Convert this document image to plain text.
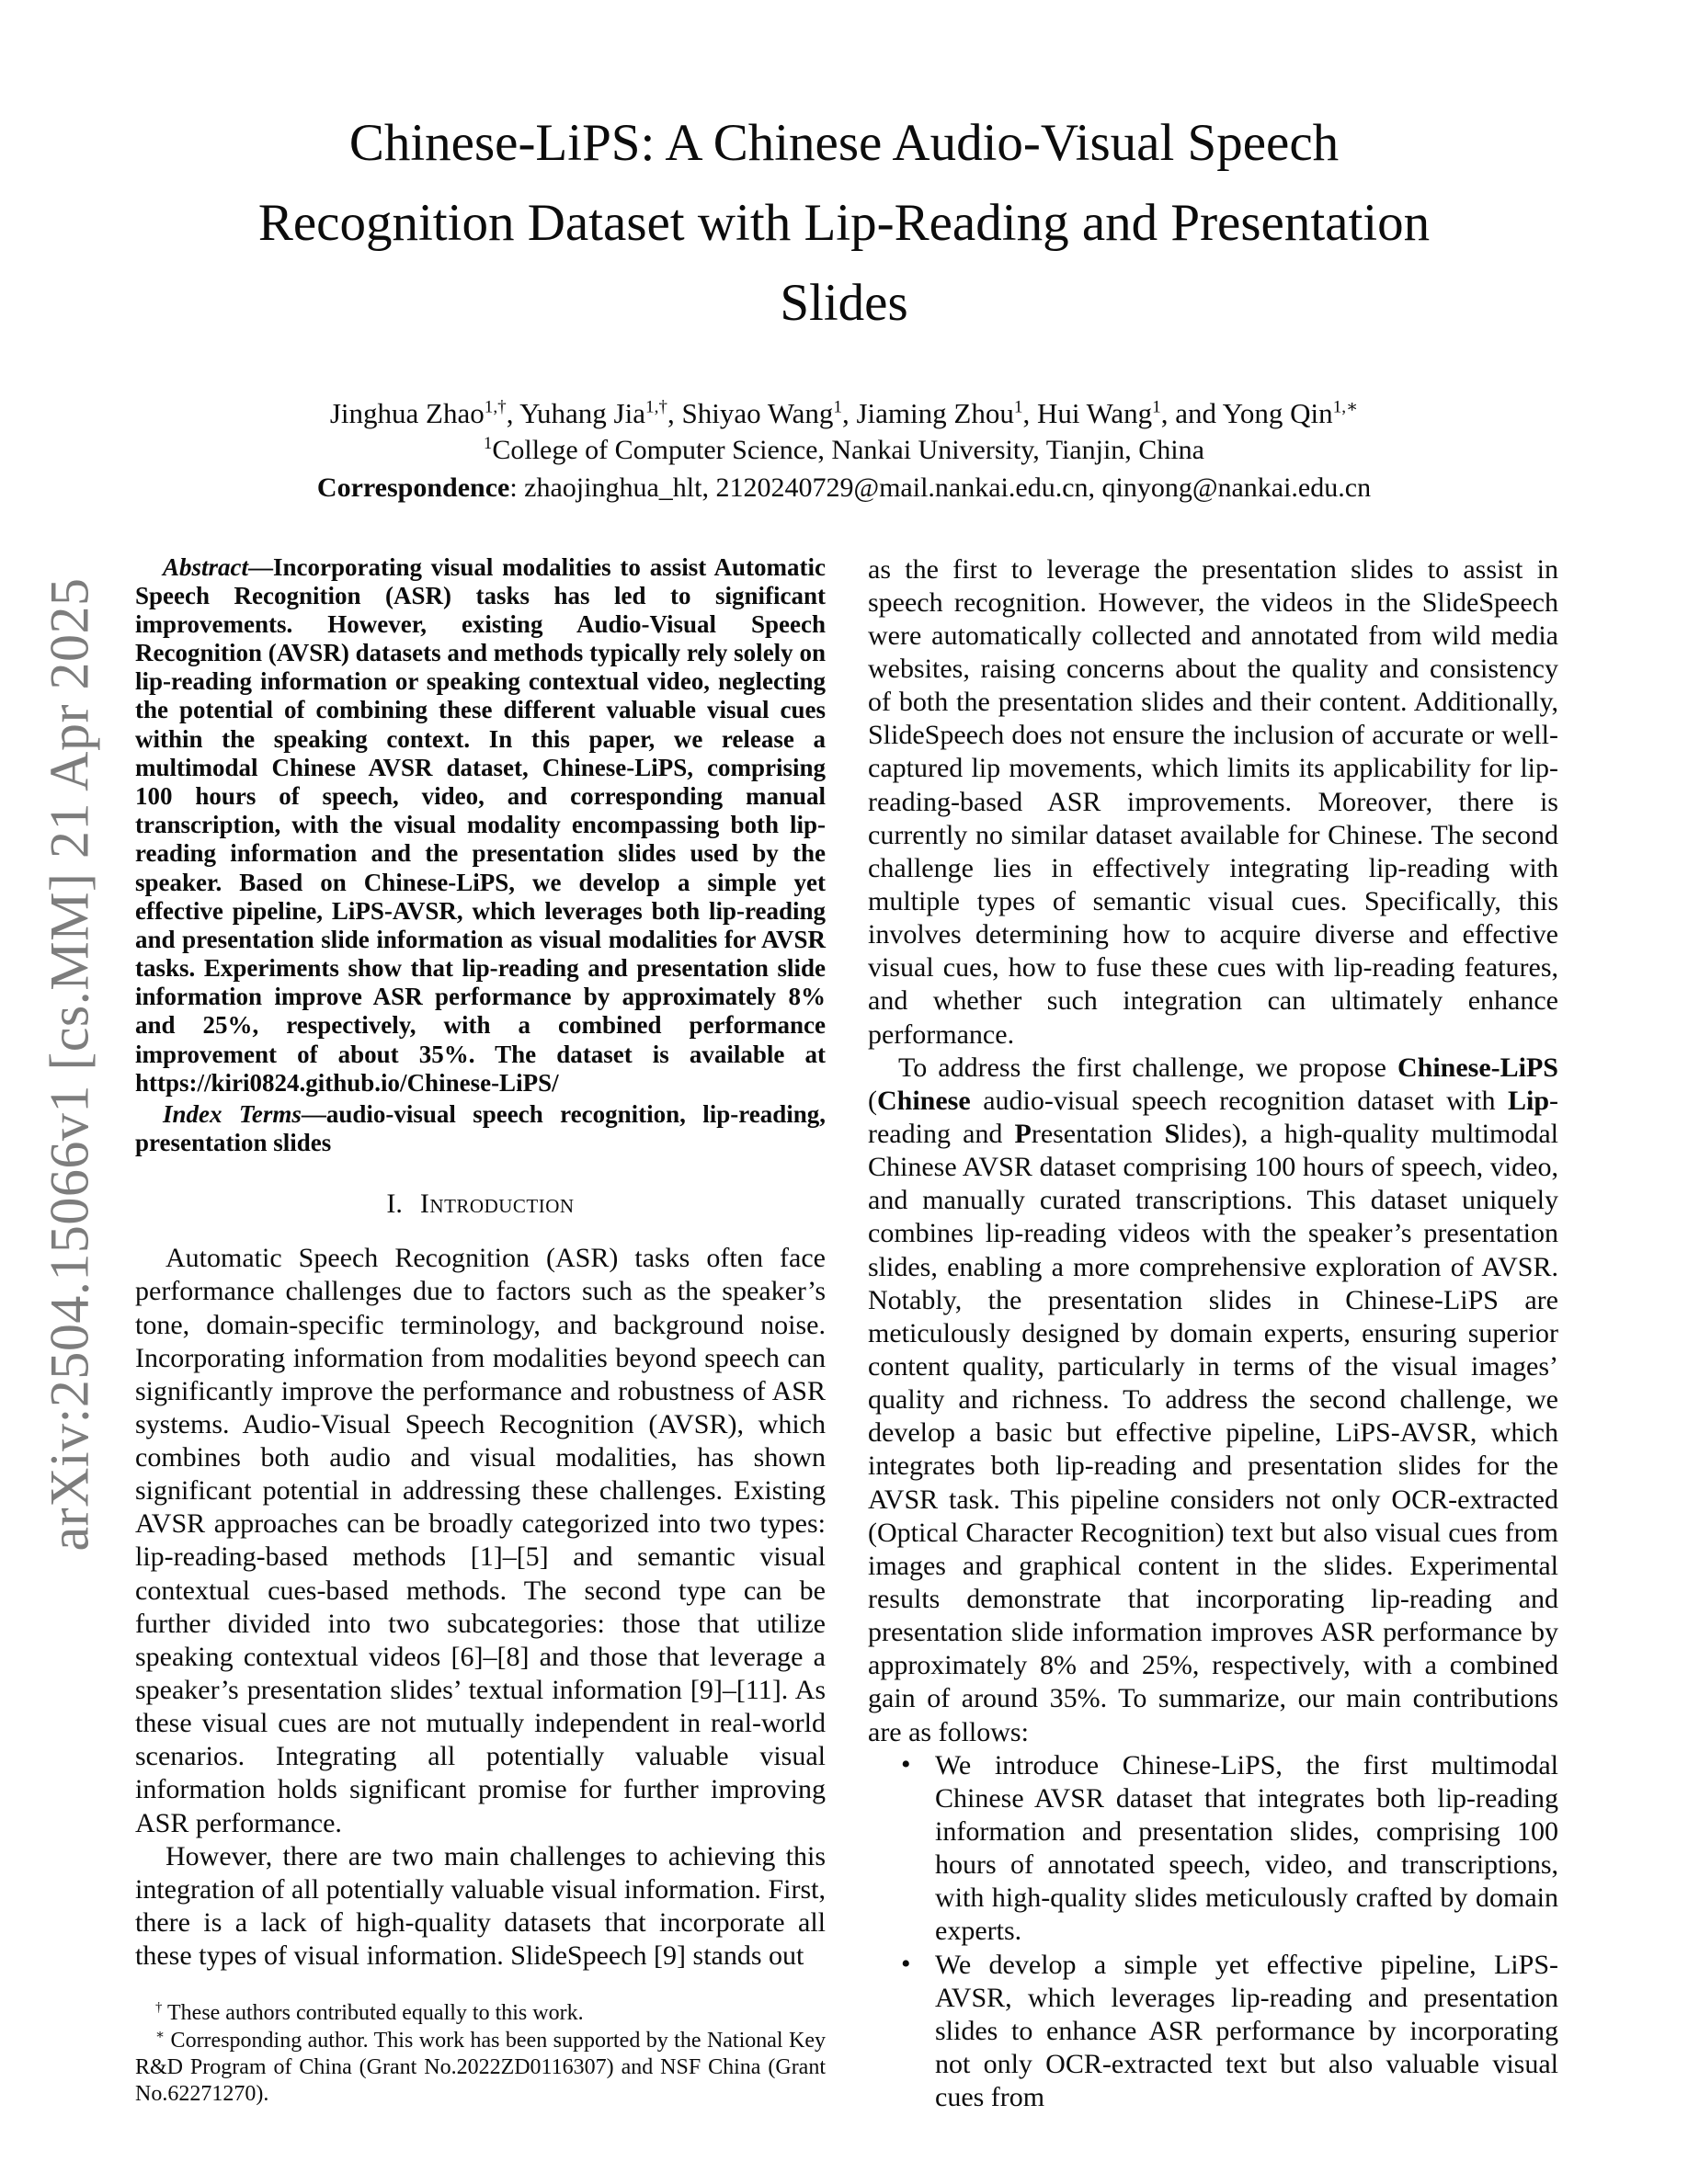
arXiv:2504.15066v1 [cs.MM] 21 Apr 2025
Chinese-LiPS: A Chinese Audio-Visual Speech Recognition Dataset with Lip-Reading and Presentation Slides
Jinghua Zhao$^{1,\dagger}$, Yuhang Jia$^{1,\dagger}$, Shiyao Wang$^1$, Jiaming Zhou$^1$, Hui Wang$^1$, and Yong Qin$^{1,∗}$
$^1$College of Computer Science, Nankai University, Tianjin, China
Correspondence: zhaojinghua_hlt, 2120240729@mail.nankai.edu.cn, qinyong@nankai.edu.cn

Abstract—Incorporating visual modalities to assist Automatic Speech Recognition (ASR) tasks has led to significant improvements. However, existing Audio-Visual Speech Recognition (AVSR) datasets and methods typically rely solely on lip-reading information or speaking contextual video, neglecting the potential of combining these different valuable visual cues within the speaking context. In this paper, we release a multimodal Chinese AVSR dataset, Chinese-LiPS, comprising 100 hours of speech, video, and corresponding manual transcription, with the visual modality encompassing both lip-reading information and the presentation slides used by the speaker. Based on Chinese-LiPS, we develop a simple yet effective pipeline, LiPS-AVSR, which leverages both lip-reading and presentation slide information as visual modalities for AVSR tasks. Experiments show that lip-reading and presentation slide information improve ASR performance by approximately 8% and 25%, respectively, with a combined performance improvement of about 35%. The dataset is available at https://kiri0824.github.io/Chinese-LiPS/

Index Terms—audio-visual speech recognition, lip-reading, presentation slides

I. Introduction

Automatic Speech Recognition (ASR) tasks often face performance challenges due to factors such as the speaker’s tone, domain-specific terminology, and background noise. Incorporating information from modalities beyond speech can significantly improve the performance and robustness of ASR systems. Audio-Visual Speech Recognition (AVSR), which combines both audio and visual modalities, has shown significant potential in addressing these challenges. Existing AVSR approaches can be broadly categorized into two types: lip-reading-based methods [1]–[5] and semantic visual contextual cues-based methods. The second type can be further divided into two subcategories: those that utilize speaking contextual videos [6]–[8] and those that leverage a speaker’s presentation slides’ textual information [9]–[11]. As these visual cues are not mutually independent in real-world scenarios. Integrating all potentially valuable visual information holds significant promise for further improving ASR performance.

However, there are two main challenges to achieving this integration of all potentially valuable visual information. First, there is a lack of high-quality datasets that incorporate all these types of visual information. SlideSpeech [9] stands out

† These authors contributed equally to this work.

∗ Corresponding author. This work has been supported by the National Key R&D Program of China (Grant No.2022ZD0116307) and NSF China (Grant No.62271270).

as the first to leverage the presentation slides to assist in speech recognition. However, the videos in the SlideSpeech were automatically collected and annotated from wild media websites, raising concerns about the quality and consistency of both the presentation slides and their content. Additionally, SlideSpeech does not ensure the inclusion of accurate or well-captured lip movements, which limits its applicability for lip-reading-based ASR improvements. Moreover, there is currently no similar dataset available for Chinese. The second challenge lies in effectively integrating lip-reading with multiple types of semantic visual cues. Specifically, this involves determining how to acquire diverse and effective visual cues, how to fuse these cues with lip-reading features, and whether such integration can ultimately enhance performance.

To address the first challenge, we propose Chinese-LiPS (Chinese audio-visual speech recognition dataset with Lip-reading and Presentation Slides), a high-quality multimodal Chinese AVSR dataset comprising 100 hours of speech, video, and manually curated transcriptions. This dataset uniquely combines lip-reading videos with the speaker’s presentation slides, enabling a more comprehensive exploration of AVSR. Notably, the presentation slides in Chinese-LiPS are meticulously designed by domain experts, ensuring superior content quality, particularly in terms of the visual images’ quality and richness. To address the second challenge, we develop a basic but effective pipeline, LiPS-AVSR, which integrates both lip-reading and presentation slides for the AVSR task. This pipeline considers not only OCR-extracted (Optical Character Recognition) text but also visual cues from images and graphical content in the slides. Experimental results demonstrate that incorporating lip-reading and presentation slide information improves ASR performance by approximately 8% and 25%, respectively, with a combined gain of around 35%. To summarize, our main contributions are as follows:

• We introduce Chinese-LiPS, the first multimodal Chinese AVSR dataset that integrates both lip-reading information and presentation slides, comprising 100 hours of annotated speech, video, and transcriptions, with high-quality slides meticulously crafted by domain experts.
• We develop a simple yet effective pipeline, LiPS-AVSR, which leverages lip-reading and presentation slides to enhance ASR performance by incorporating not only OCR-extracted text but also valuable visual cues from
